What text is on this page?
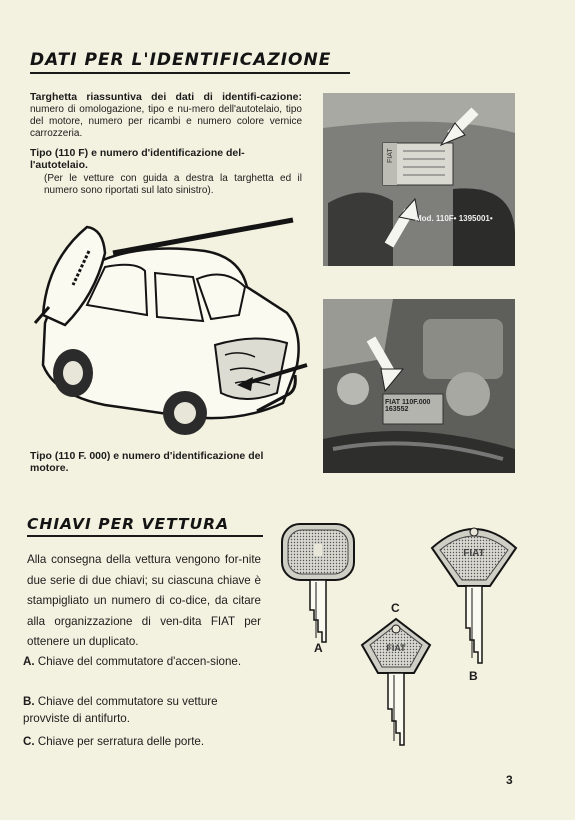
DATI PER L'IDENTIFICAZIONE
Targhetta riassuntiva dei dati di identifi-cazione: numero di omologazione, tipo e nu-mero dell'autotelaio, tipo del motore, numero per ricambi e numero colore vernice carrozzeria.
Tipo (110 F) e numero d'identificazione del-l'autotelaio.
(Per le vetture con guida a destra la targhetta ed il numero sono riportati sul lato sinistro).
Tipo (110 F. 000) e numero d'identificazione del motore.
FIAT
Mod. 110F• 1395001•
FIAT 110F.000 163552
CHIAVI PER VETTURA
Alla consegna della vettura vengono for-nite due serie di due chiavi; su ciascuna chiave è stampigliato un numero di co-dice, da citare alla organizzazione di ven-dita FIAT per ottenere un duplicato.
A. Chiave del commutatore d'accen-sione.
B. Chiave del commutatore su vetture provviste di antifurto.
C. Chiave per serratura delle porte.
A
FIAT
B
C
FIAT
3
